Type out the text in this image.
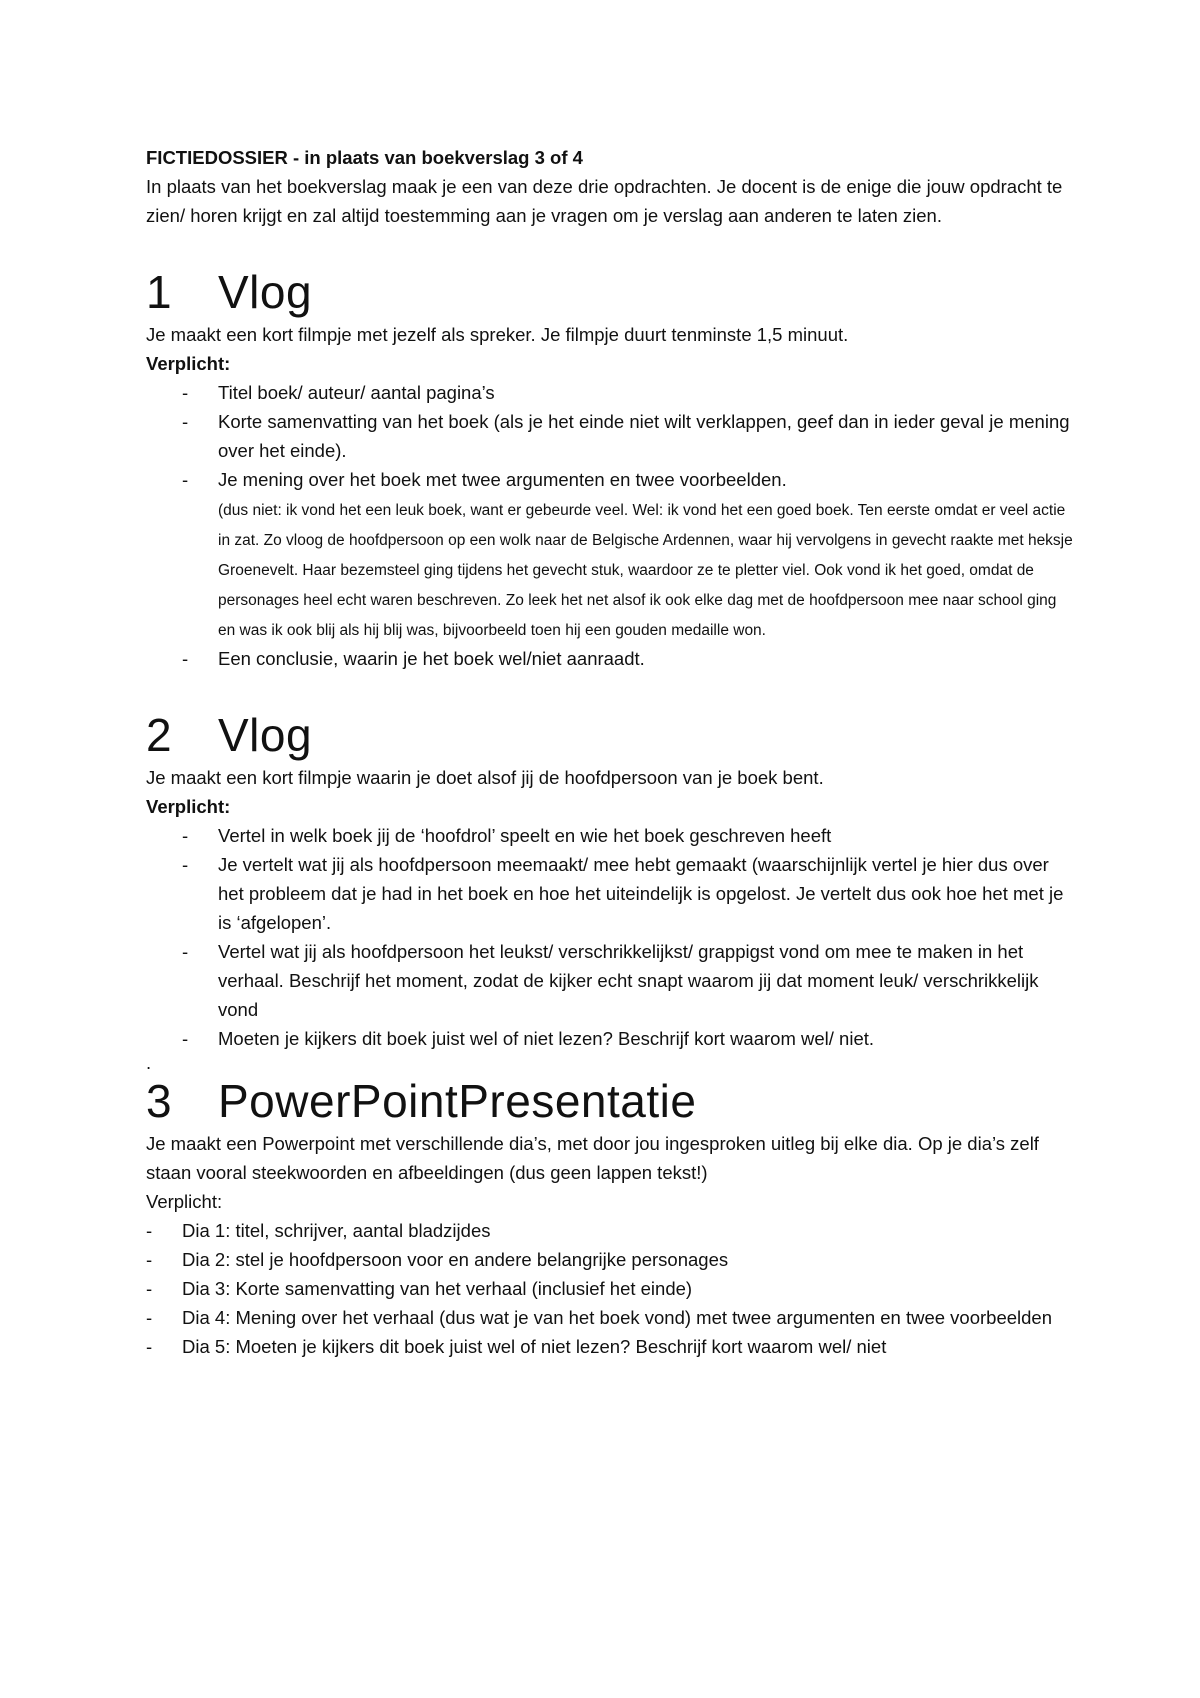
FICTIEDOSSIER - in plaats van boekverslag 3 of 4

In plaats van het boekverslag maak je een van deze drie opdrachten. Je docent is de enige die jouw opdracht te zien/ horen krijgt en zal altijd toestemming aan je vragen om je verslag aan anderen te laten zien.

1 Vlog

Je maakt een kort filmpje met jezelf als spreker. Je filmpje duurt tenminste 1,5 minuut.

Verplicht:

- Titel boek/ auteur/ aantal pagina’s
- Korte samenvatting van het boek (als je het einde niet wilt verklappen, geef dan in ieder geval je mening over het einde).
- Je mening over het boek met twee argumenten en twee voorbeelden.
(dus niet: ik vond het een leuk boek, want er gebeurde veel. Wel: ik vond het een goed boek. Ten eerste omdat er veel actie in zat. Zo vloog de hoofdpersoon op een wolk naar de Belgische Ardennen, waar hij vervolgens in gevecht raakte met heksje Groenevelt. Haar bezemsteel ging tijdens het gevecht stuk, waardoor ze te pletter viel. Ook vond ik het goed, omdat de personages heel echt waren beschreven. Zo leek het net alsof ik ook elke dag met de hoofdpersoon mee naar school ging en was ik ook blij als hij blij was, bijvoorbeeld toen hij een gouden medaille won.
- Een conclusie, waarin je het boek wel/niet aanraadt.
2 Vlog

Je maakt een kort filmpje waarin je doet alsof jij de hoofdpersoon van je boek bent.

Verplicht:

- Vertel in welk boek jij de ‘hoofdrol’ speelt en wie het boek geschreven heeft
- Je vertelt wat jij als hoofdpersoon meemaakt/ mee hebt gemaakt (waarschijnlijk vertel je hier dus over het probleem dat je had in het boek en hoe het uiteindelijk is opgelost. Je vertelt dus ook hoe het met je is ‘afgelopen’.
- Vertel wat jij als hoofdpersoon het leukst/ verschrikkelijkst/ grappigst vond om mee te maken in het verhaal. Beschrijf het moment, zodat de kijker echt snapt waarom jij dat moment leuk/ verschrikkelijk vond
- Moeten je kijkers dit boek juist wel of niet lezen? Beschrijf kort waarom wel/ niet.

.

3 PowerPointPresentatie

Je maakt een Powerpoint met verschillende dia’s, met door jou ingesproken uitleg bij elke dia. Op je dia’s zelf staan vooral steekwoorden en afbeeldingen (dus geen lappen tekst!)

Verplicht:

- Dia 1: titel, schrijver, aantal bladzijdes
- Dia 2: stel je hoofdpersoon voor en andere belangrijke personages
- Dia 3: Korte samenvatting van het verhaal (inclusief het einde)
- Dia 4: Mening over het verhaal (dus wat je van het boek vond) met twee argumenten en twee voorbeelden
- Dia 5: Moeten je kijkers dit boek juist wel of niet lezen? Beschrijf kort waarom wel/ niet
